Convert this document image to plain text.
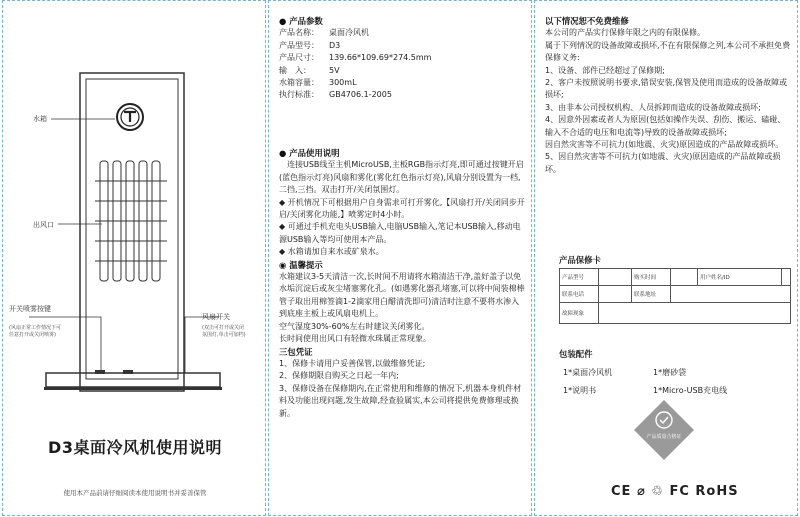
水箱
出风口
开关喷雾按键
(风扇正常工作情况下可
任意打开或关闭喷雾)
风扇开关
(双击可打开或关闭
氛围灯,单击可加档)
D3桌面冷风机使用说明
使用本产品前请仔细阅读本使用说明书并妥善保管

● 产品参数

产品名称：	桌面冷风机
产品型号：	D3
产品尺寸：	139.66*109.69*274.5mm
输　入：	5V
水箱容量：	300mL
执行标准：	GB4706.1-2005

● 产品使用说明

连接USB线至主机MicroUSB,主板RGB指示灯亮,即可通过按键开启(蓝色指示灯亮)风扇和雾化(雾化红色指示灯亮),风扇分别设置为一档,二挡,三挡。双击打开/关闭氛围灯。

◆ 开机情况下可根据用户自身需求可打开雾化,【风扇打开/关闭同步开启/关闭雾化功能,】喷雾定时4小时。

◆ 可通过手机充电头USB输入,电脑USB输入,笔记本USB输入,移动电源USB输入等均可使用本产品。

◆ 水箱请加自来水或矿泉水。

◉ 温馨提示

水箱建议3-5天清洁一次,长时间不用请将水箱清洁干净,盖好盖子以免水垢沉淀后或灰尘堵塞雾化孔。(如遇雾化器孔堵塞,可以将中间装棉棒管子取出用棉签滴1-2滴家用白醋清洗即可)清洁时注意不要将水渗入到底座主板上或风扇电机上。

空气湿度30%-60%左右时建议关闭雾化。

长时间使用出风口有轻微水珠属正常现象。

三包凭证

1、保修卡请用户妥善保管,以做维修凭证;

2、保修期限自购买之日起一年内;

3、保修设备在保修期内,在正常使用和维修的情况下,机器本身机件材料及功能出现问题,发生故障,经查验属实,本公司将提供免费修理或换新。

以下情况恕不免费维修

本公司的产品实行保修年限之内的有限保修。

属于下列情况的设备故障或损坏,不在有限保修之列,本公司不承担免费保修义务:

1、设备、部件已经超过了保修期;

2、客户未按照说明书要求,错误安装,保管及使用而造成的设备故障或损坏;

3、由非本公司授权机构、人员拆卸而造成的设备故障或损坏;

4、因意外因素或者人为原因(包括如操作失误、刮伤、搬运、磕碰、输入不合适的电压和电流等)导致的设备故障或损坏;

因自然灾害等不可抗力(如地震、火灾)原因造成的产品故障或损坏。

5、因自然灾害等不可抗力(如地震、火灾)原因造成的产品故障或损坏。

产品保修卡
产品型号		购买时间		用户姓名/ID	
联系电话		联系地址			
故障现象					
包装配件
1*桌面冷风机	1*磨砂袋
1*说明书	1*Micro-USB充电线
产品质量合格证
CE ⌀ ♲ FC RoHS
